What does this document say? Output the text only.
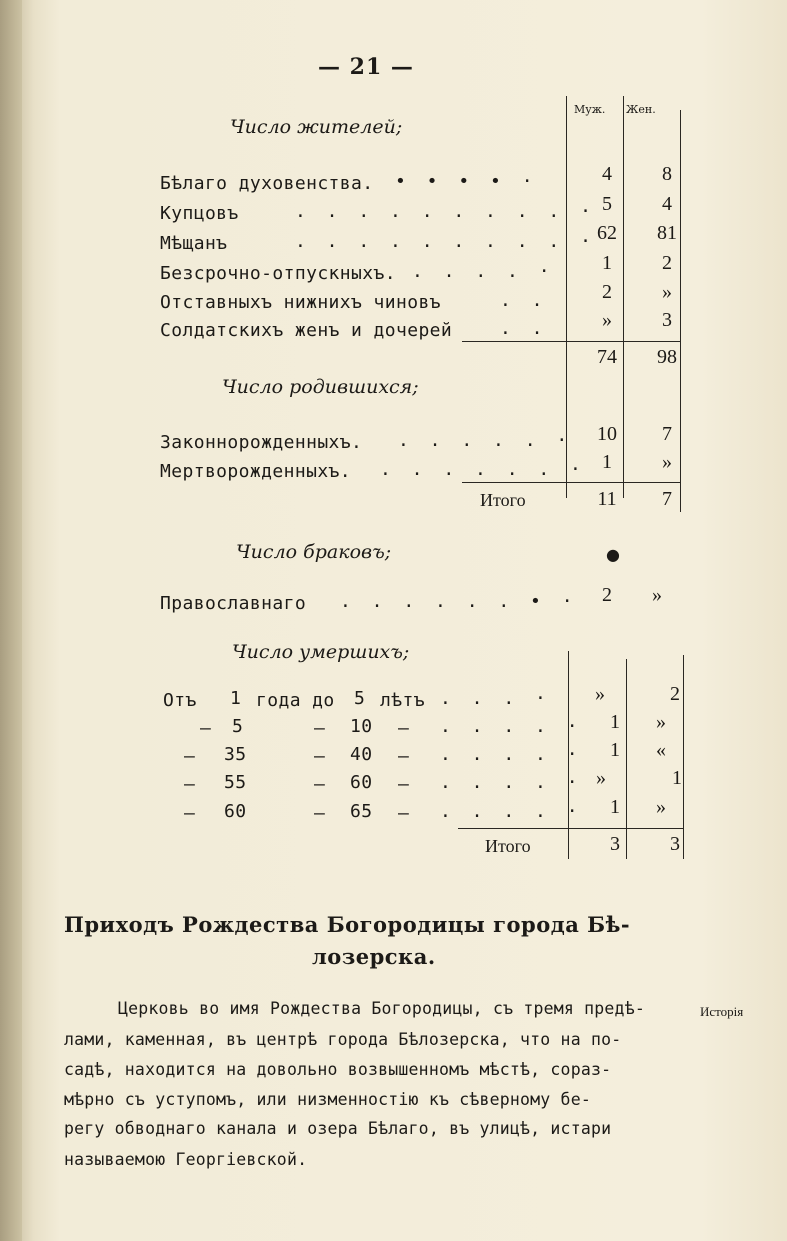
— 21 —
Муж. Жен.
Число жителей;
Бѣлаго духовенства. • • • • ·	4	8
Купцовъ	. . . . . . . . . · 5	4
Мѣщанъ	. . . . . . . . . · 62	81
Безсрочно-отпускныхъ. . . . . ·	1	2
Отставныхъ нижнихъ чиновъ	. .	2	»
Солдатскихъ женъ и дочерей	. .	»	3
74	98
Число родившихся;
Законнорожденныхъ. . . . . . ·	10	7
Мертворожденныхъ. . . . . . . · 1	»
Итого	11	7
Число браковъ;	●
Православнаго . . . . . . • ·	2	»
Число умершихъ;
Отъ 1 года до 5 лѣтъ . . . ·	»	2
— 5	— 10 — . . . . ·	1	»
— 35	— 40 — . . . . ·	1	«
— 55	— 60 — . . . . · »	1
— 60	— 65 — . . . . ·	1	»
Итого	3	3
Приходъ Рождества Богородицы города Бѣ-
лозерска.
Церковь во имя Рождества Богородицы, съ тремя предѣ-
лами, каменная, въ центрѣ города Бѣлозерска, что на по-
садѣ, находится на довольно возвышенномъ мѣстѣ, сораз-
мѣрно съ уступомъ, или низменностію къ сѣверному бе-
регу обводнаго канала и озера Бѣлаго, въ улицѣ, истари
называемою Георгіевской.
Исторія
